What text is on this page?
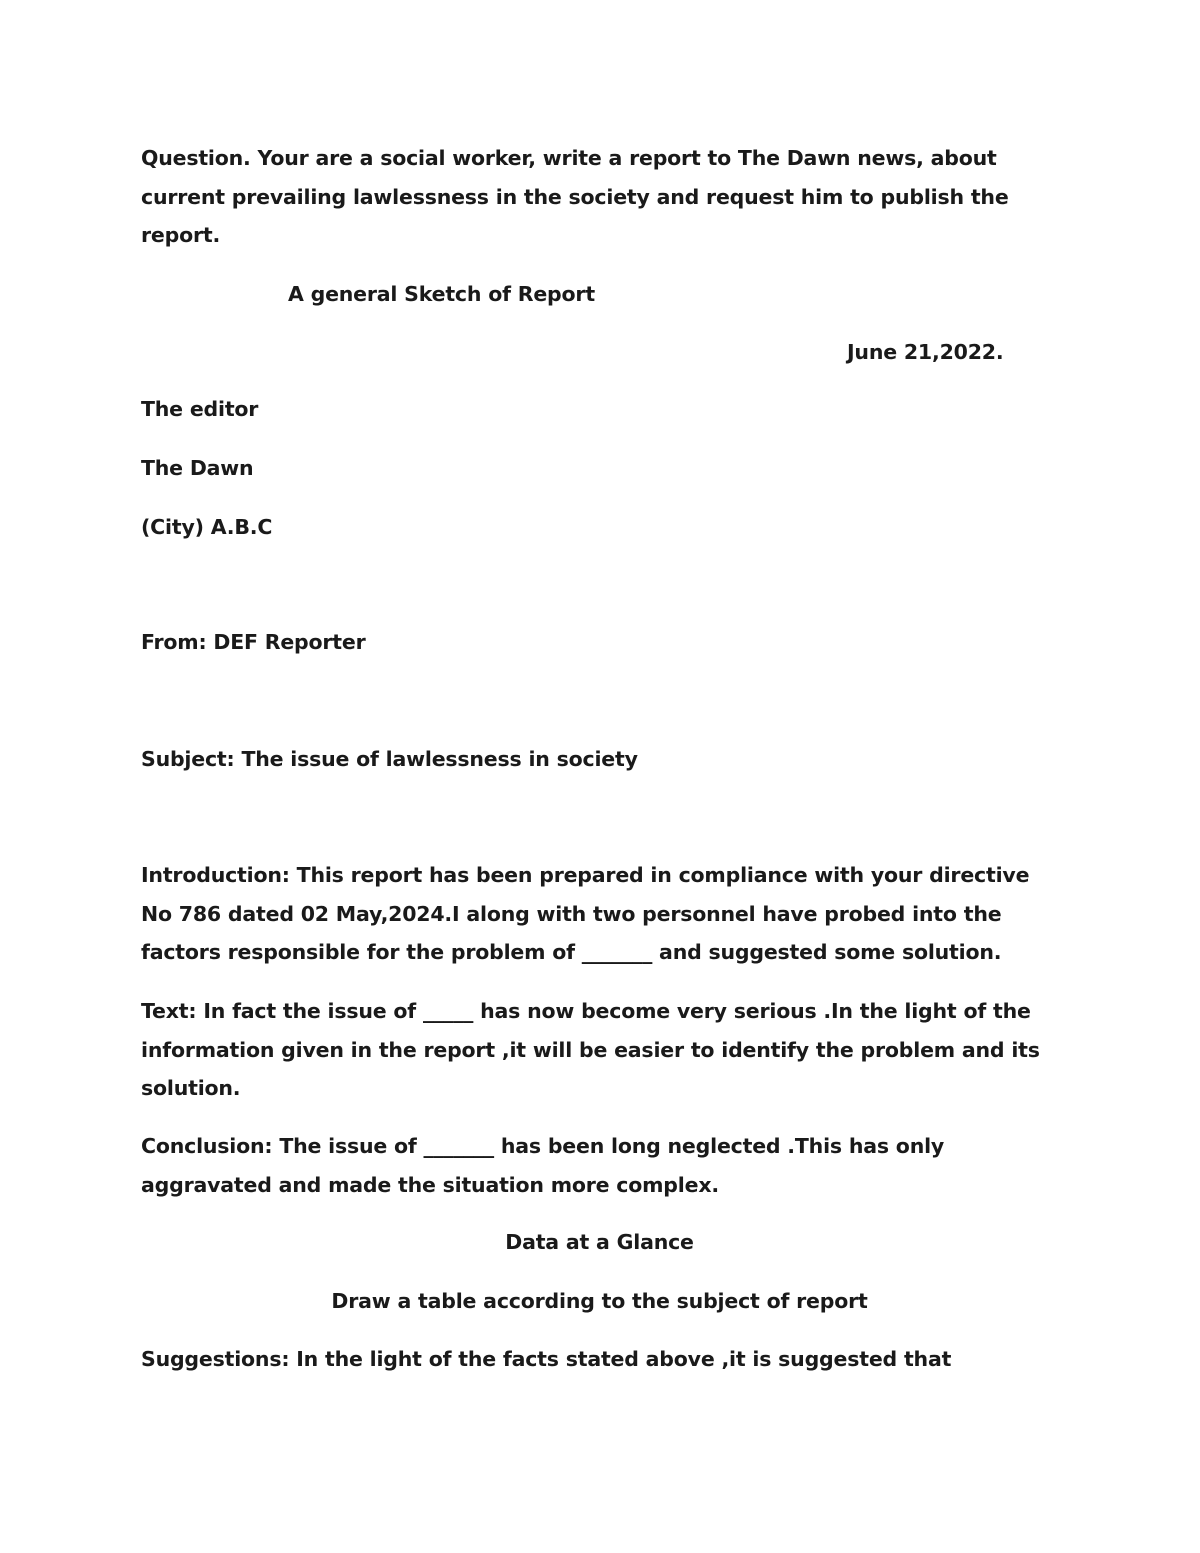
Question. Your are a social worker, write a report to The Dawn news, about current prevailing lawlessness in the society and request him to publish the report.
A general Sketch of Report
June 21,2022.
The editor
The Dawn
(City) A.B.C
From: DEF Reporter
Subject: The issue of lawlessness in society
Introduction: This report has been prepared in compliance with your directive No 786 dated 02 May,2024.I along with two personnel have probed into the factors responsible for the problem of _______ and suggested some solution.
Text: In fact the issue of _____ has now become very serious .In the light of the information given in the report ,it will be easier to identify the problem and its solution.
Conclusion: The issue of _______ has been long neglected .This has only aggravated and made the situation more complex.
Data at a Glance
Draw a table according to the subject of report
Suggestions: In the light of the facts stated above ,it is suggested that
